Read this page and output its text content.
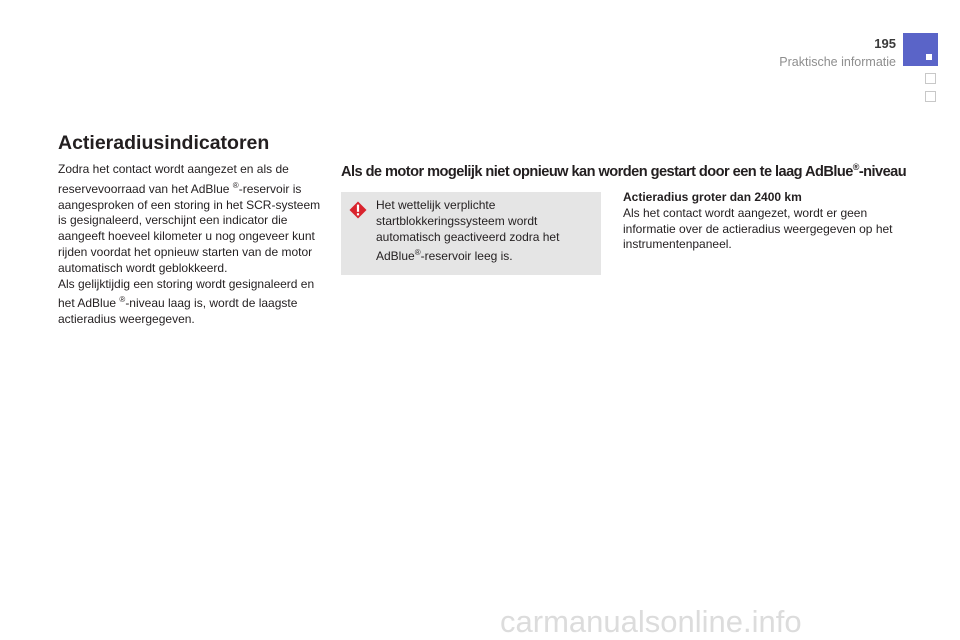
195
Praktische informatie
Actieradiusindicatoren

Zodra het contact wordt aangezet en als de reservevoorraad van het AdBlue ®-reservoir is aangesproken of een storing in het SCR-systeem is gesignaleerd, verschijnt een indicator die aangeeft hoeveel kilometer u nog ongeveer kunt rijden voordat het opnieuw starten van de motor automatisch wordt geblokkeerd.

Als gelijktijdig een storing wordt gesignaleerd en het AdBlue ®-niveau laag is, wordt de laagste actieradius weergegeven.

Als de motor mogelijk niet opnieuw kan worden gestart door een te laag AdBlue®-niveau

Het wettelijk verplichte startblokkeringssysteem wordt automatisch geactiveerd zodra het AdBlue®-reservoir leeg is.

Actieradius groter dan 2400 km

Als het contact wordt aangezet, wordt er geen informatie over de actieradius weergegeven op het instrumentenpaneel.

carmanualsonline.info
